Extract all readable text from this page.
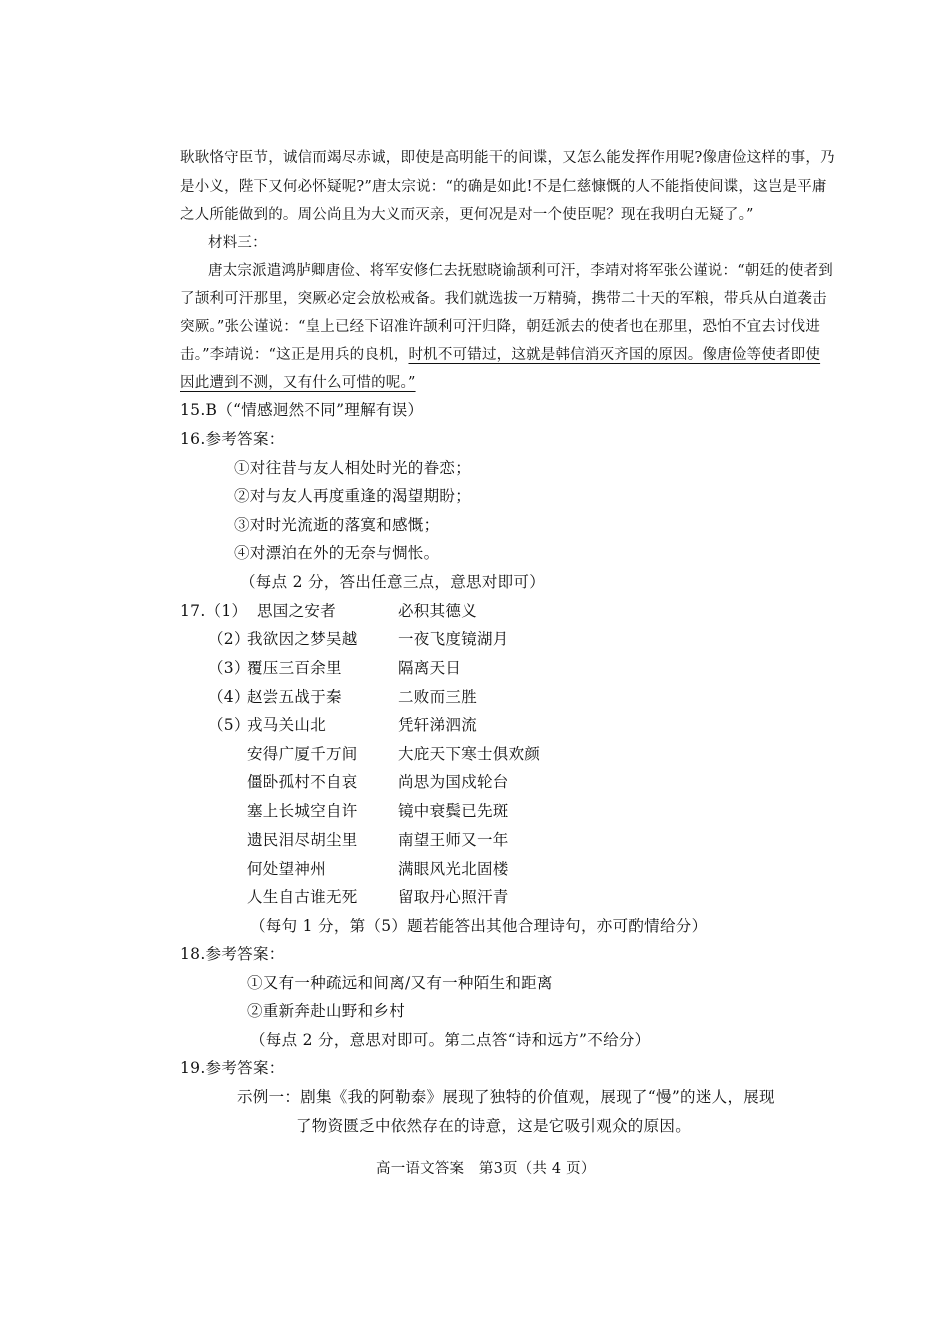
耿耿恪守臣节，诚信而竭尽赤诚，即使是高明能干的间谍，又怎么能发挥作用呢?像唐俭这样的事，乃
是小义，陛下又何必怀疑呢?”唐太宗说：“的确是如此!不是仁慈慷慨的人不能指使间谍，这岂是平庸
之人所能做到的。周公尚且为大义而灭亲，更何况是对一个使臣呢？现在我明白无疑了。”
材料三：
唐太宗派遣鸿胪卿唐俭、将军安修仁去抚慰晓谕颉利可汗，李靖对将军张公谨说：“朝廷的使者到
了颉利可汗那里，突厥必定会放松戒备。我们就选拔一万精骑，携带二十天的军粮，带兵从白道袭击
突厥。”张公谨说：“皇上已经下诏准许颉利可汗归降，朝廷派去的使者也在那里，恐怕不宜去讨伐进
击。”李靖说：“这正是用兵的良机，时机不可错过，这就是韩信消灭齐国的原因。像唐俭等使者即使
因此遭到不测，又有什么可惜的呢。”
15.B（“情感迥然不同”理解有误）
16.参考答案：
①对往昔与友人相处时光的眷恋；
②对与友人再度重逢的渴望期盼；
③对时光流逝的落寞和感慨；
④对漂泊在外的无奈与惆怅。
（每点 2 分，答出任意三点，意思对即可）
17.（1） 思国之安者	必积其德义
（2）
我欲因之梦吴越	一夜飞度镜湖月
（3）
覆压三百余里	隔离天日
（4）
赵尝五战于秦	二败而三胜
（5）
戎马关山北	凭轩涕泗流
安得广厦千万间	大庇天下寒士俱欢颜
僵卧孤村不自哀	尚思为国戍轮台
塞上长城空自许	镜中衰鬓已先斑
遗民泪尽胡尘里	南望王师又一年
何处望神州	满眼风光北固楼
人生自古谁无死	留取丹心照汗青
（每句 1 分，第（5）题若能答出其他合理诗句，亦可酌情给分）
18.参考答案：
①又有一种疏远和间离/又有一种陌生和距离
②重新奔赴山野和乡村
（每点 2 分，意思对即可。第二点答“诗和远方”不给分）
19.参考答案：
示例一：剧集《我的阿勒泰》展现了独特的价值观，展现了“慢”的迷人，展现
了物资匮乏中依然存在的诗意，这是它吸引观众的原因。
高一语文答案　第3页（共 4 页）
